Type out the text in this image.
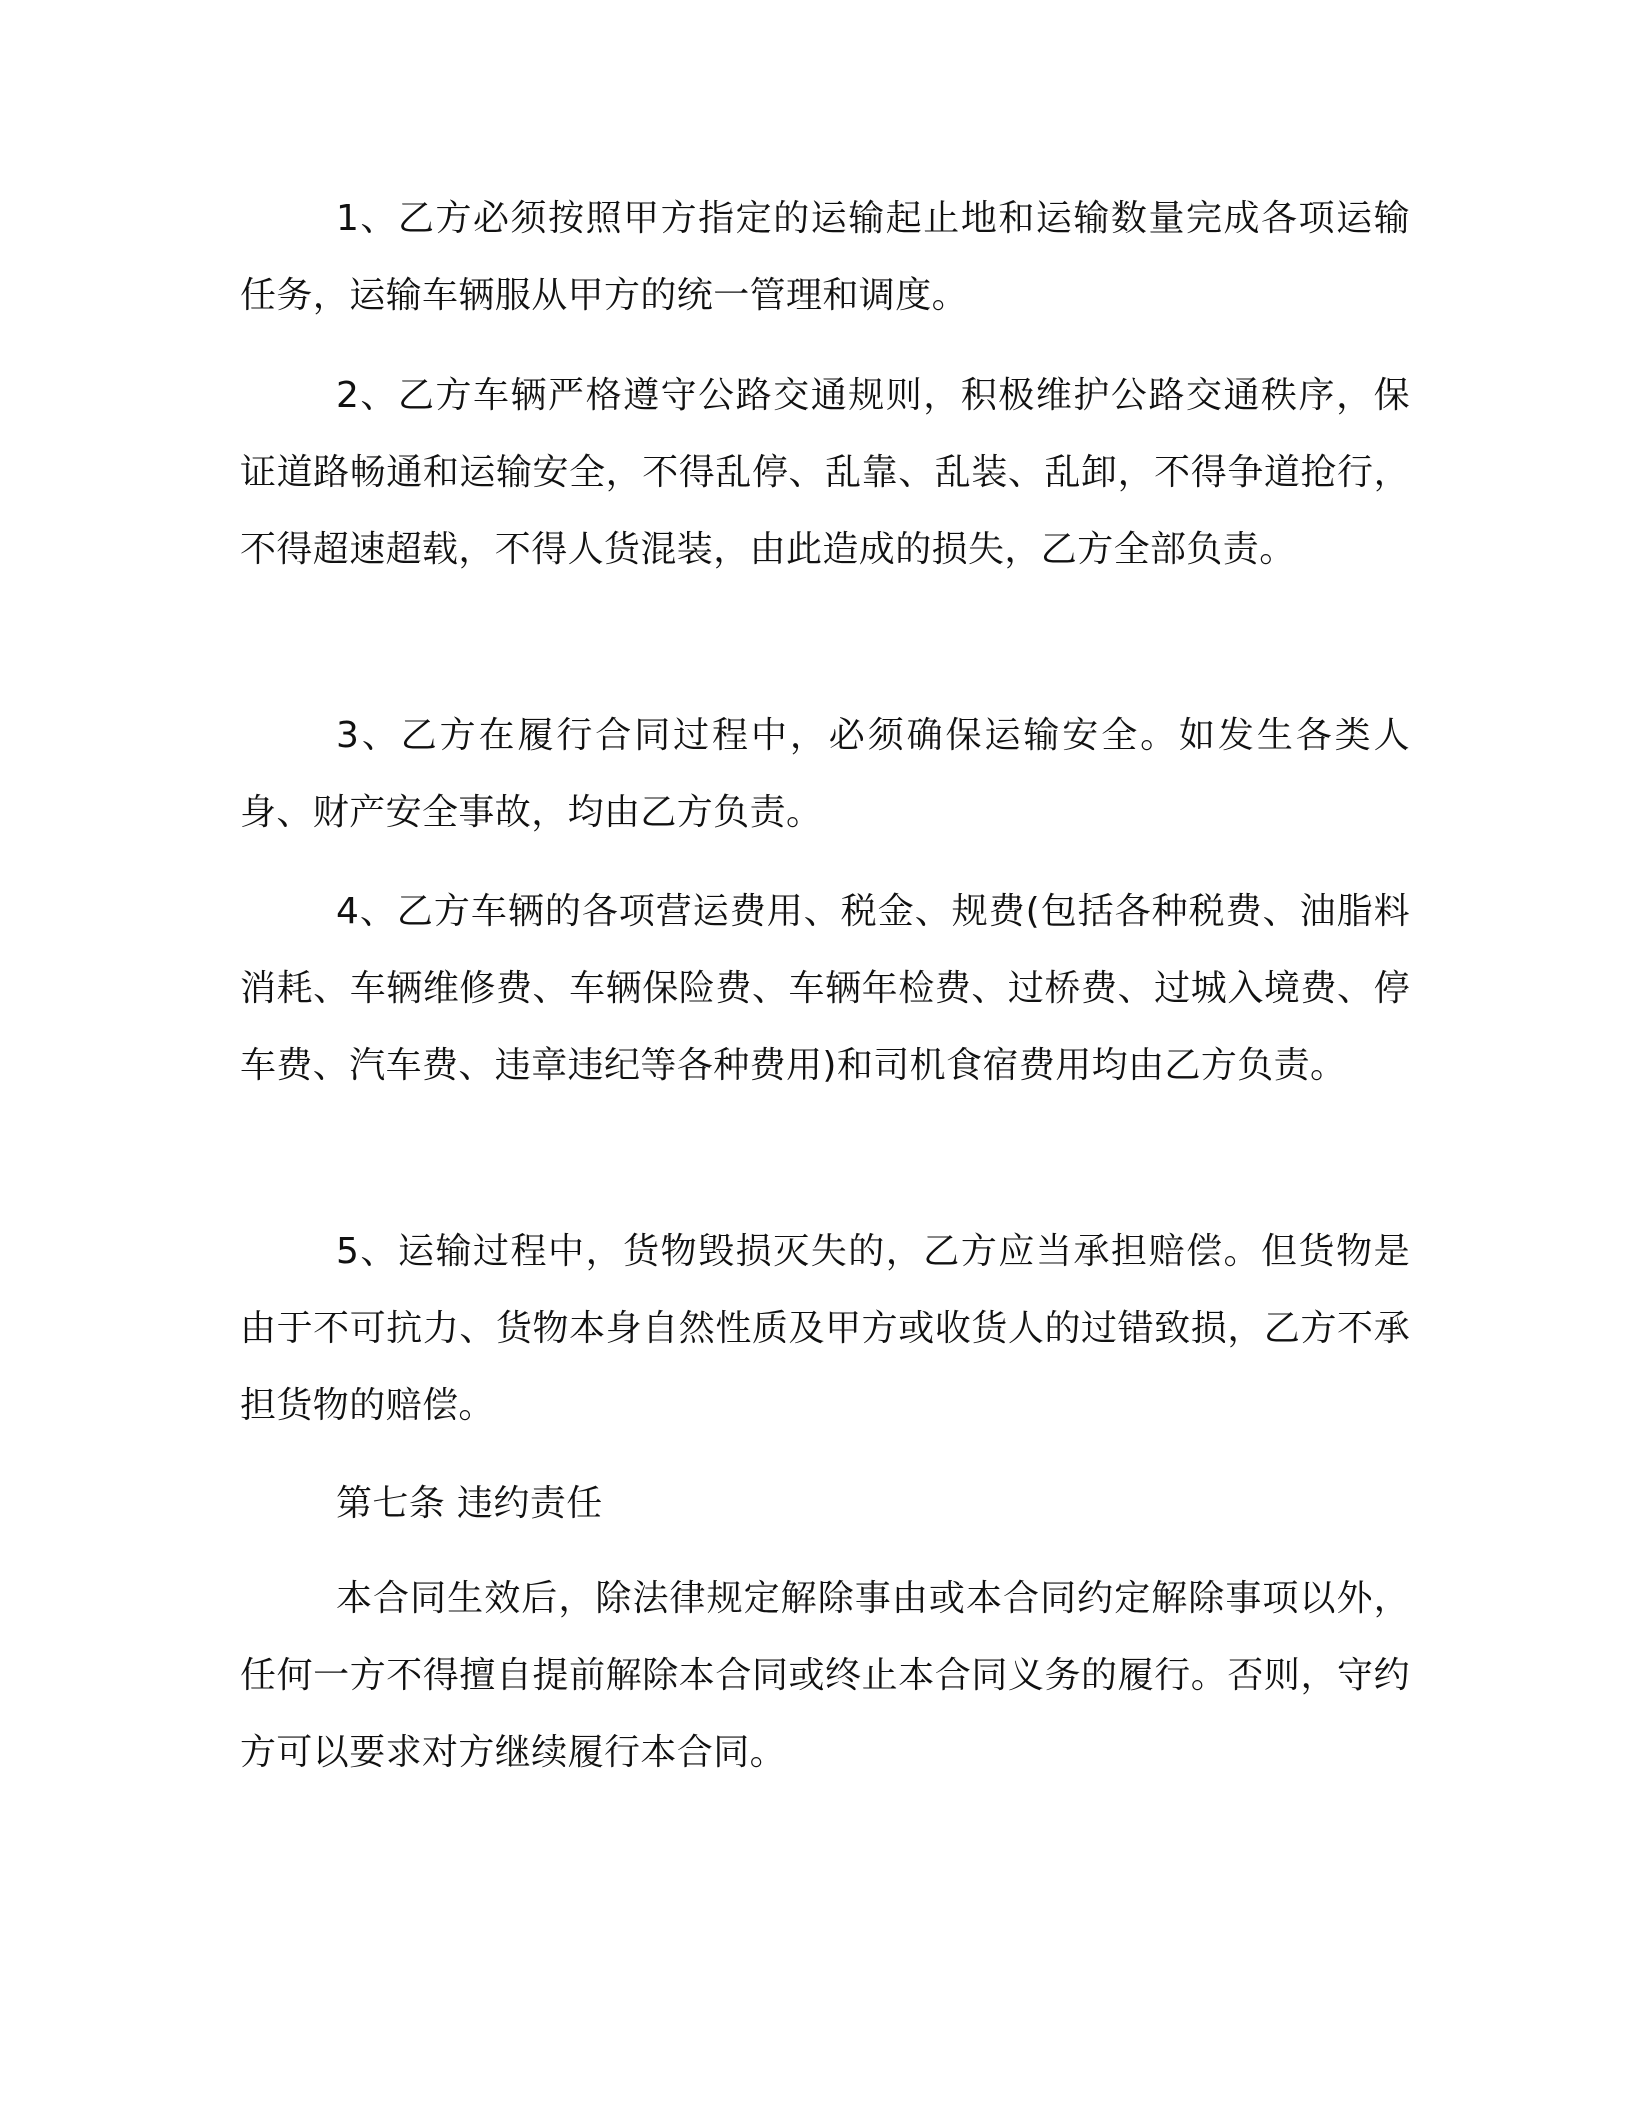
1、乙方必须按照甲方指定的运输起止地和运输数量完成各项运输任务，运输车辆服从甲方的统一管理和调度。

2、乙方车辆严格遵守公路交通规则，积极维护公路交通秩序，保证道路畅通和运输安全，不得乱停、乱靠、乱装、乱卸，不得争道抢行，不得超速超载，不得人货混装，由此造成的损失，乙方全部负责。

3、乙方在履行合同过程中，必须确保运输安全。如发生各类人身、财产安全事故，均由乙方负责。

4、乙方车辆的各项营运费用、税金、规费(包括各种税费、油脂料消耗、车辆维修费、车辆保险费、车辆年检费、过桥费、过城入境费、停车费、汽车费、违章违纪等各种费用)和司机食宿费用均由乙方负责。

5、运输过程中，货物毁损灭失的，乙方应当承担赔偿。但货物是由于不可抗力、货物本身自然性质及甲方或收货人的过错致损，乙方不承担货物的赔偿。

第七条 违约责任

本合同生效后，除法律规定解除事由或本合同约定解除事项以外，任何一方不得擅自提前解除本合同或终止本合同义务的履行。否则，守约方可以要求对方继续履行本合同。
